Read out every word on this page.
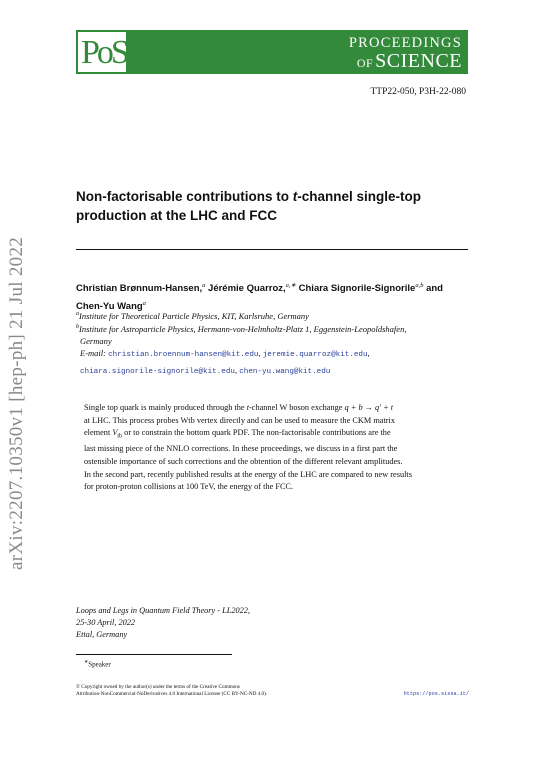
arXiv:2207.10350v1 [hep-ph] 21 Jul 2022
PoS	PROCEEDINGS
OF SCIENCE
TTP22-050, P3H-22-080
Non-factorisable contributions to t-channel single-top production at the LHC and FCC
Christian Brønnum-Hansen,$^a$ Jérémie Quarroz,$^{a,∗}$ Chiara Signorile-Signorile$^{a,b}$ and
Chen-Yu Wang$^a$
$^a$Institute for Theoretical Particle Physics, KIT, Karlsruhe, Germany
$^b$Institute for Astroparticle Physics, Hermann-von-Helmholtz-Platz 1, Eggenstein-Leopoldshafen,
Germany
E-mail: christian.broennum-hansen@kit.edu, jeremie.quarroz@kit.edu,
chiara.signorile-signorile@kit.edu, chen-yu.wang@kit.edu
Single top quark is mainly produced through the t-channel W boson exchange q + b → q′ + t
at LHC. This process probes Wtb vertex directly and can be used to measure the CKM matrix
element $V_{tb}$ or to constrain the bottom quark PDF. The non-factorisable contributions are the
last missing piece of the NNLO corrections. In these proceedings, we discuss in a first part the
ostensible importance of such corrections and the obtention of the different relevant amplitudes.
In the second part, recently published results at the energy of the LHC are compared to new results
for proton-proton collisions at 100 TeV, the energy of the FCC.
Loops and Legs in Quantum Field Theory - LL2022,
25-30 April, 2022
Ettal, Germany
∗Speaker
© Copyright owned by the author(s) under the terms of the Creative Commons
Attribution-NonCommercial-NoDerivatives 4.0 International License (CC BY-NC-ND 4.0).	https://pos.sissa.it/
